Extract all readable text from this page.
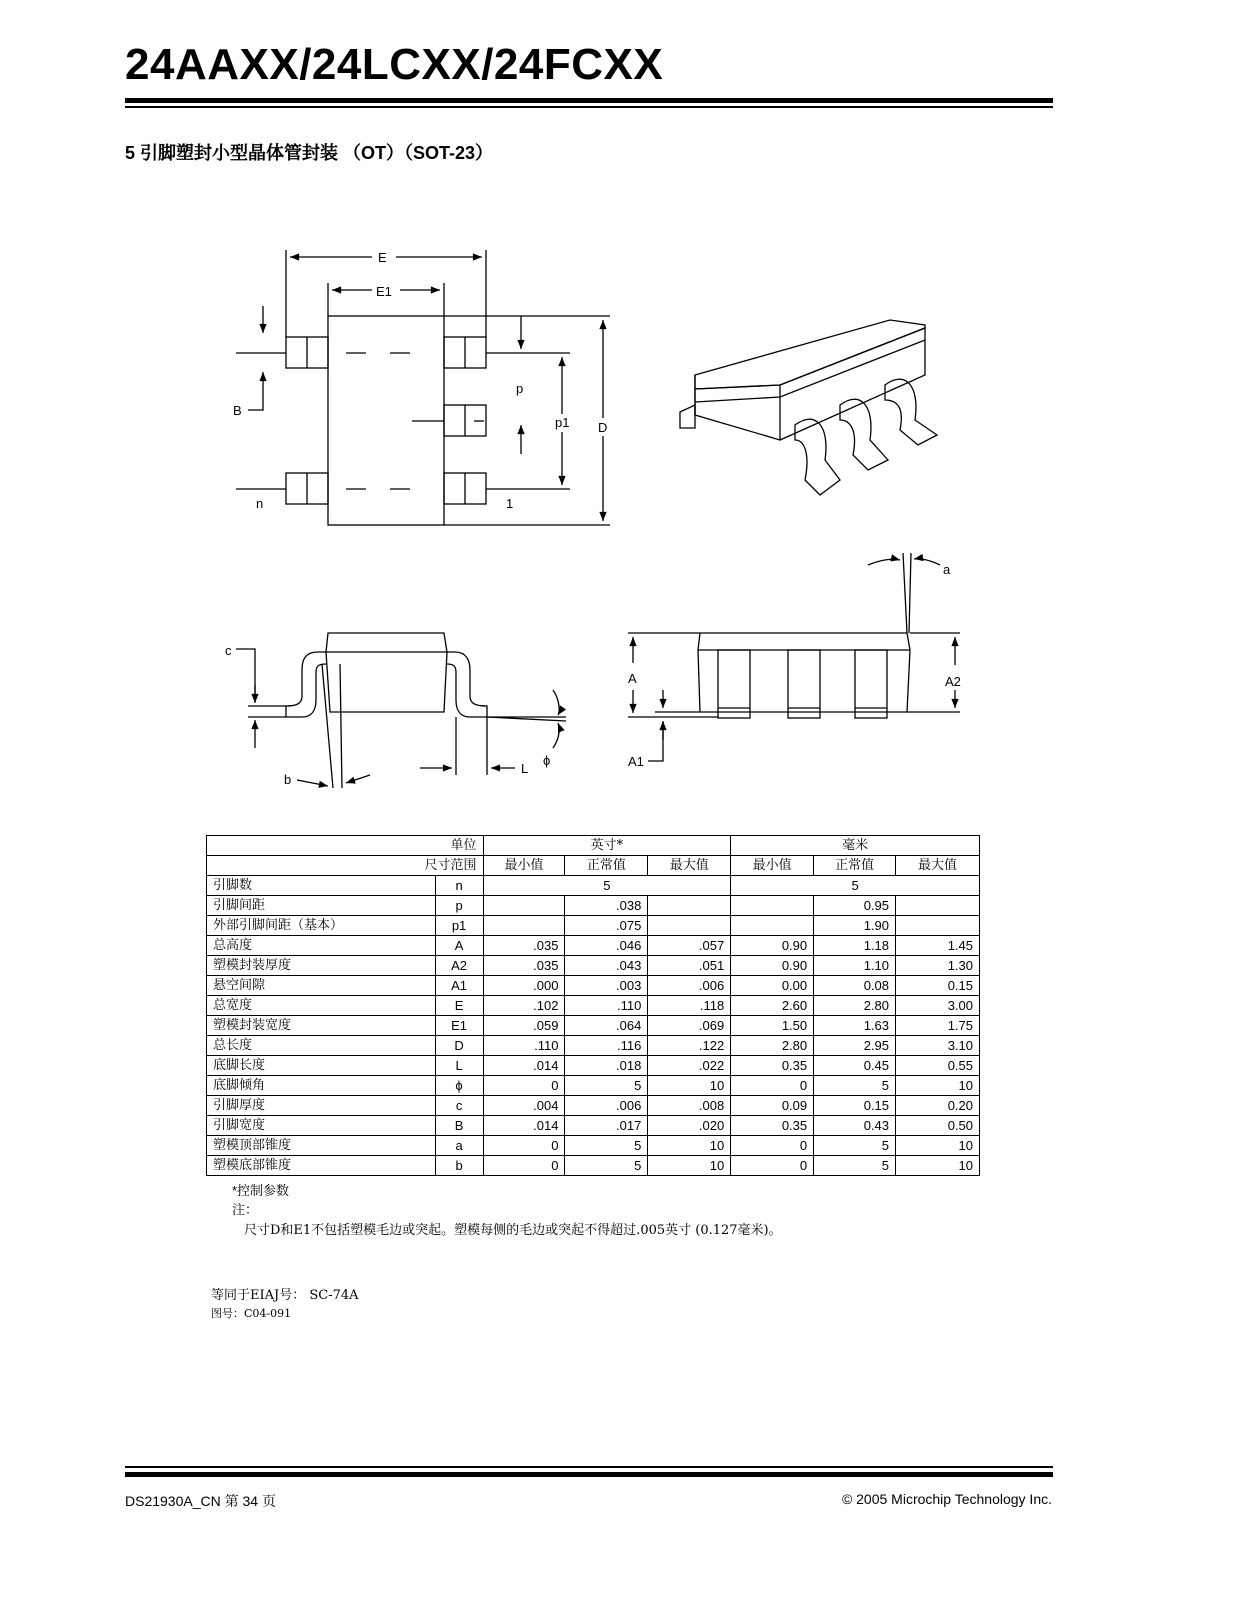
24AAXX/24LCXX/24FCXX
5 引脚塑封小型晶体管封装 （OT）（SOT-23）
E
E1
p
p1 D
B
n	1
c
b
L
ϕ
a
A	A2
A1
单位		英寸*			毫米		
尺寸范围		最小值	正常值	最大值	最小值	正常值	最大值
引脚数	n	5			5		
引脚间距	p		.038			0.95	
外部引脚间距（基本）	p1		.075			1.90	
总高度	A	.035	.046	.057	0.90	1.18	1.45
塑模封装厚度	A2	.035	.043	.051	0.90	1.10	1.30
悬空间隙	A1	.000	.003	.006	0.00	0.08	0.15
总宽度	E	.102	.110	.118	2.60	2.80	3.00
塑模封装宽度	E1	.059	.064	.069	1.50	1.63	1.75
总长度	D	.110	.116	.122	2.80	2.95	3.10
底脚长度	L	.014	.018	.022	0.35	0.45	0.55
底脚倾角	ϕ	0	5	10	0	5	10
引脚厚度	c	.004	.006	.008	0.09	0.15	0.20
引脚宽度	B	.014	.017	.020	0.35	0.43	0.50
塑模顶部锥度	a	0	5	10	0	5	10
塑模底部锥度	b	0	5	10	0	5	10
*控制参数
注：
尺寸D和E1不包括塑模毛边或突起。塑模每侧的毛边或突起不得超过.005英寸 (0.127毫米)。
等同于EIAJ号： SC-74A
图号：C04-091
DS21930A_CN 第 34 页	© 2005 Microchip Technology Inc.
